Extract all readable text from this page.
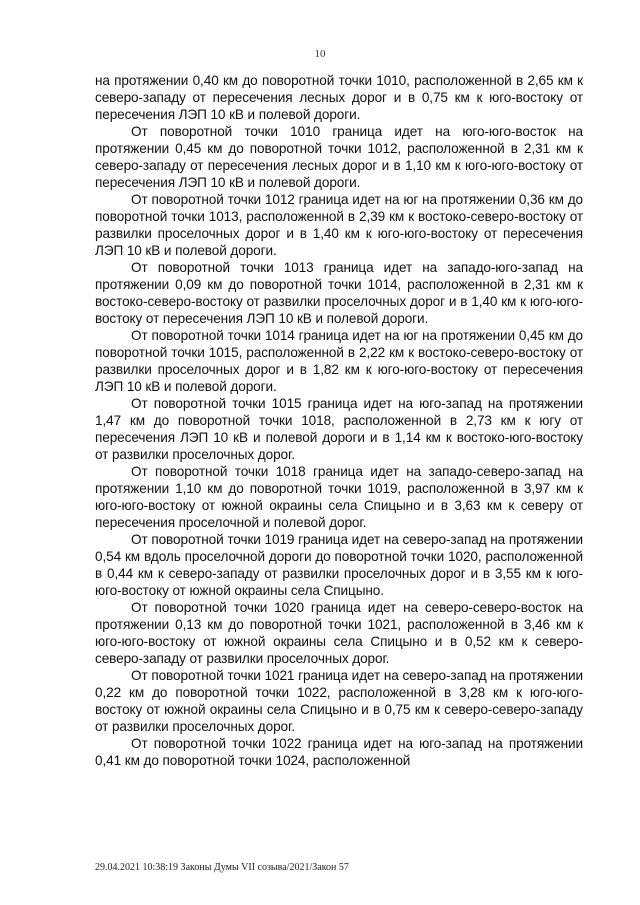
10

на протяжении 0,40 км до поворотной точки 1010, расположенной в 2,65 км к северо-западу от пересечения лесных дорог и в 0,75 км к юго-востоку от пересечения ЛЭП 10 кВ и полевой дороги.

От поворотной точки 1010 граница идет на юго-юго-восток на протяжении 0,45 км до поворотной точки 1012, расположенной в 2,31 км к северо-западу от пересечения лесных дорог и в 1,10 км к юго-юго-востоку от пересечения ЛЭП 10 кВ и полевой дороги.

От поворотной точки 1012 граница идет на юг на протяжении 0,36 км до поворотной точки 1013, расположенной в 2,39 км к востоко-северо-востоку от развилки проселочных дорог и в 1,40 км к юго-юго-востоку от пересечения ЛЭП 10 кВ и полевой дороги.

От поворотной точки 1013 граница идет на западо-юго-запад на протяжении 0,09 км до поворотной точки 1014, расположенной в 2,31 км к востоко-северо-востоку от развилки проселочных дорог и в 1,40 км к юго-юго-востоку от пересечения ЛЭП 10 кВ и полевой дороги.

От поворотной точки 1014 граница идет на юг на протяжении 0,45 км до поворотной точки 1015, расположенной в 2,22 км к востоко-северо-востоку от развилки проселочных дорог и в 1,82 км к юго-юго-востоку от пересечения ЛЭП 10 кВ и полевой дороги.

От поворотной точки 1015 граница идет на юго-запад на протяжении 1,47 км до поворотной точки 1018, расположенной в 2,73 км к югу от пересечения ЛЭП 10 кВ и полевой дороги и в 1,14 км к востоко-юго-востоку от развилки проселочных дорог.

От поворотной точки 1018 граница идет на западо-северо-запад на протяжении 1,10 км до поворотной точки 1019, расположенной в 3,97 км к юго-юго-востоку от южной окраины села Спицыно и в 3,63 км к северу от пересечения проселочной и полевой дорог.

От поворотной точки 1019 граница идет на северо-запад на протяжении 0,54 км вдоль проселочной дороги до поворотной точки 1020, расположенной в 0,44 км к северо-западу от развилки проселочных дорог и в 3,55 км к юго-юго-востоку от южной окраины села Спицыно.

От поворотной точки 1020 граница идет на северо-северо-восток на протяжении 0,13 км до поворотной точки 1021, расположенной в 3,46 км к юго-юго-востоку от южной окраины села Спицыно и в 0,52 км к северо-северо-западу от развилки проселочных дорог.

От поворотной точки 1021 граница идет на северо-запад на протяжении 0,22 км до поворотной точки 1022, расположенной в 3,28 км к юго-юго-востоку от южной окраины села Спицыно и в 0,75 км к северо-северо-западу от развилки проселочных дорог.

От поворотной точки 1022 граница идет на юго-запад на протяжении 0,41 км до поворотной точки 1024, расположенной

29.04.2021 10:38:19 Законы Думы VII созыва/2021/Закон 57
